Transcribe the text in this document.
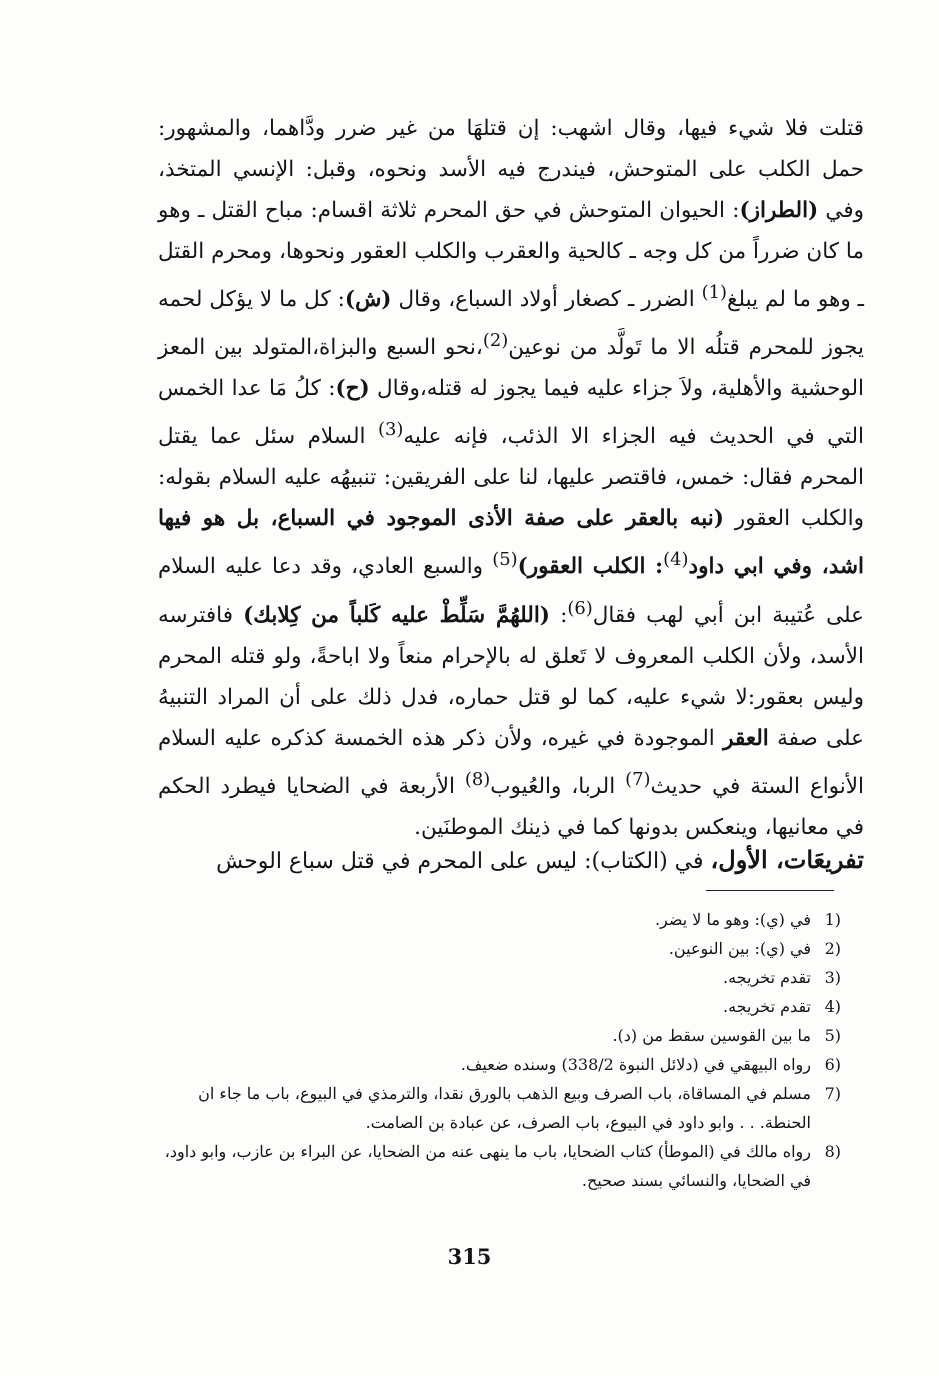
قتلت فلا شيء فيها، وقال اشهب: إن قتلهَا من غير ضرر ودَّاهما، والمشهور: حمل الكلب على المتوحش، فيندرج فيه الأسد ونحوه، وقبل: الإنسي المتخذ، وفي (الطراز): الحيوان المتوحش في حق المحرم ثلاثة اقسام: مباح القتل ـ وهو ما كان ضرراً من كل وجه ـ كالحية والعقرب والكلب العقور ونحوها، ومحرم القتل ـ وهو ما لم يبلغ$^{(1)}$ الضرر ـ كصغار أولاد السباع، وقال (ش): كل ما لا يؤكل لحمه يجوز للمحرم قتلُه الا ما تَولَّد من نوعين$^{(2)}$،نحو السبع والبزاة،المتولد بين المعز الوحشية والأهلية، ولاَ جزاء عليه فيما يجوز له قتله،وقال (ح): كلُ مَا عدا الخمس التي في الحديث فيه الجزاء الا الذئب، فإنه عليه$^{(3)}$ السلام سئل عما يقتل المحرم فقال: خمس، فاقتصر عليها، لنا على الفريقين: تنبيهُه عليه السلام بقوله: والكلب العقور (نبه بالعقر على صفة الأذى الموجود في السباع، بل هو فيها اشد، وفي ابي داود$^{(4)}$: الكلب العقور)$^{(5)}$ والسبع العادي، وقد دعا عليه السلام على عُتيبة ابن أبي لهب فقال$^{(6)}$: (اللهُمَّ سَلِّطْ عليه كَلباً من كِلابك) فافترسه الأسد، ولأن الكلب المعروف لا تَعلق له بالإحرام منعاً ولا اباحةً، ولو قتله المحرم وليس بعقور:لا شيء عليه، كما لو قتل حماره، فدل ذلك على أن المراد التنبيهُ على صفة العقر الموجودة في غيره، ولأن ذكر هذه الخمسة كذكره عليه السلام الأنواع الستة في حديث$^{(7)}$ الربا، والعُيوب$^{(8)}$ الأربعة في الضحايا فيطرد الحكم في معانيها، وينعكس بدونها كما في ذينك الموطنَين.

تفريعَات، الأول، في (الكتاب): ليس على المحرم في قتل سباع الوحش
1)
في (ي): وهو ما لا يضر.
2)
في (ي): بين النوعين.
3)
تقدم تخريجه.
4)
تقدم تخريجه.
5)
ما بين القوسين سقط من (د).
6)
رواه البيهقي في (دلائل النبوة 338/2) وسنده ضعيف.
7)
مسلم في المساقاة، باب الصرف وبيع الذهب بالورق نقدا، والترمذي في البيوع، باب ما جاء ان الحنطة. . . وابو داود في البيوع، باب الصرف، عن عبادة بن الصامت.
8)
رواه مالك في (الموطأ) كتاب الضحايا، باب ما ينهى عنه من الضحايا، عن البراء بن عازب، وابو داود، في الضحايا، والنسائي بسند صحيح.
315
